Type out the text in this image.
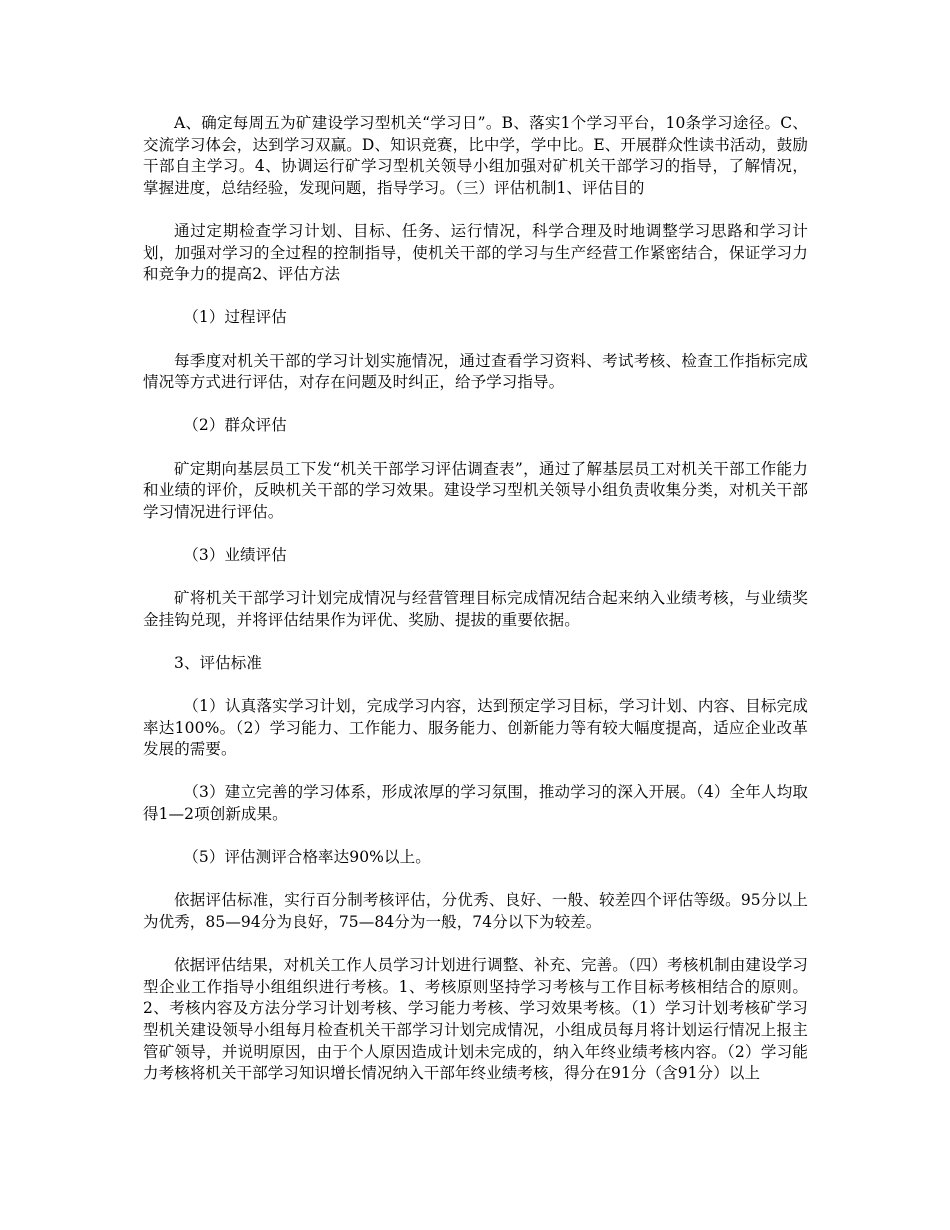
A、确定每周五为矿建设学习型机关“学习日”。B、落实1个学习平台，10条学习途径。C、交流学习体会，达到学习双赢。D、知识竞赛，比中学，学中比。E、开展群众性读书活动，鼓励干部自主学习。4、协调运行矿学习型机关领导小组加强对矿机关干部学习的指导，了解情况，掌握进度，总结经验，发现问题，指导学习。（三）评估机制1、评估目的

通过定期检查学习计划、目标、任务、运行情况，科学合理及时地调整学习思路和学习计划，加强对学习的全过程的控制指导，使机关干部的学习与生产经营工作紧密结合，保证学习力和竞争力的提高2、评估方法

（1）过程评估

每季度对机关干部的学习计划实施情况，通过查看学习资料、考试考核、检查工作指标完成情况等方式进行评估，对存在问题及时纠正，给予学习指导。

（2）群众评估

矿定期向基层员工下发“机关干部学习评估调查表”，通过了解基层员工对机关干部工作能力和业绩的评价，反映机关干部的学习效果。建设学习型机关领导小组负责收集分类，对机关干部学习情况进行评估。

（3）业绩评估

矿将机关干部学习计划完成情况与经营管理目标完成情况结合起来纳入业绩考核，与业绩奖金挂钩兑现，并将评估结果作为评优、奖励、提拔的重要依据。

3、评估标准

（1）认真落实学习计划，完成学习内容，达到预定学习目标，学习计划、内容、目标完成率达100%。（2）学习能力、工作能力、服务能力、创新能力等有较大幅度提高，适应企业改革发展的需要。

（3）建立完善的学习体系，形成浓厚的学习氛围，推动学习的深入开展。（4）全年人均取得1—2项创新成果。

（5）评估测评合格率达90%以上。

依据评估标准，实行百分制考核评估，分优秀、良好、一般、较差四个评估等级。95分以上为优秀，85—94分为良好，75—84分为一般，74分以下为较差。

依据评估结果，对机关工作人员学习计划进行调整、补充、完善。（四）考核机制由建设学习型企业工作指导小组组织进行考核。1、考核原则坚持学习考核与工作目标考核相结合的原则。2、考核内容及方法分学习计划考核、学习能力考核、学习效果考核。（1）学习计划考核矿学习型机关建设领导小组每月检查机关干部学习计划完成情况，小组成员每月将计划运行情况上报主管矿领导，并说明原因，由于个人原因造成计划未完成的，纳入年终业绩考核内容。（2）学习能力考核将机关干部学习知识增长情况纳入干部年终业绩考核，得分在91分（含91分）以上
